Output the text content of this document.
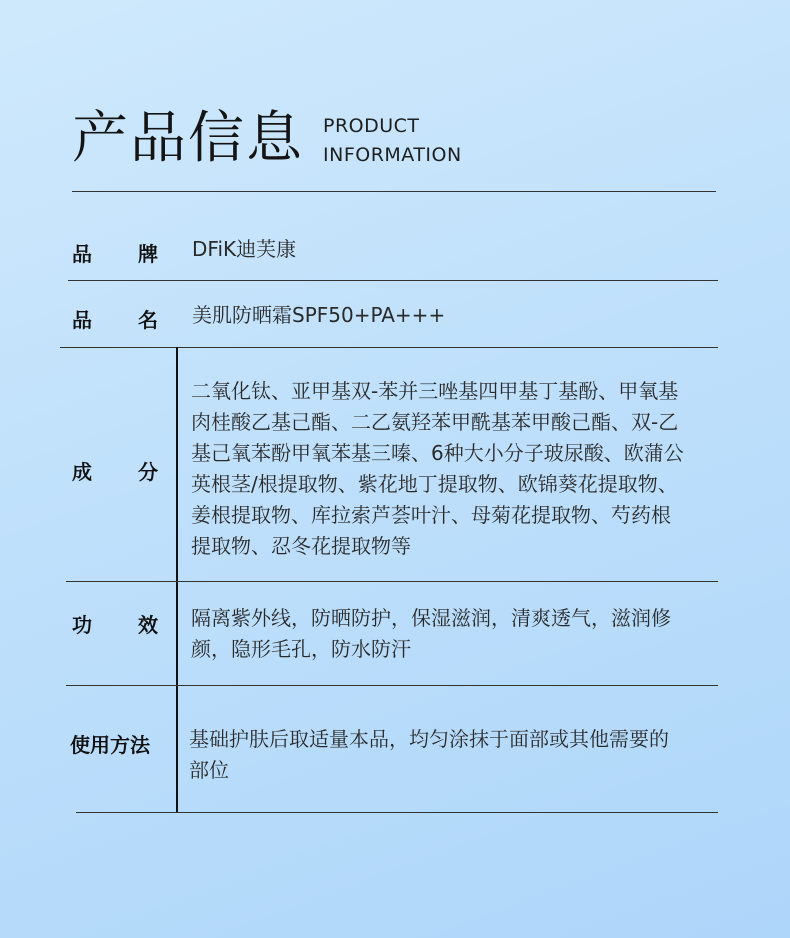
产品信息 PRODUCT
INFORMATION
品 牌 DFiK迪芙康
品 名 美肌防晒霜SPF50+PA+++
成 分
二氧化钛、亚甲基双-苯并三唑基四甲基丁基酚、甲氧基
肉桂酸乙基己酯、二乙氨羟苯甲酰基苯甲酸己酯、双-乙
基己氧苯酚甲氧苯基三嗪、6种大小分子玻尿酸、欧蒲公
英根茎/根提取物、紫花地丁提取物、欧锦葵花提取物、
姜根提取物、库拉索芦荟叶汁、母菊花提取物、芍药根
提取物、忍冬花提取物等
功 效 隔离紫外线，防晒防护，保湿滋润，清爽透气，滋润修
颜，隐形毛孔，防水防汗
使用方法 基础护肤后取适量本品，均匀涂抹于面部或其他需要的
部位
